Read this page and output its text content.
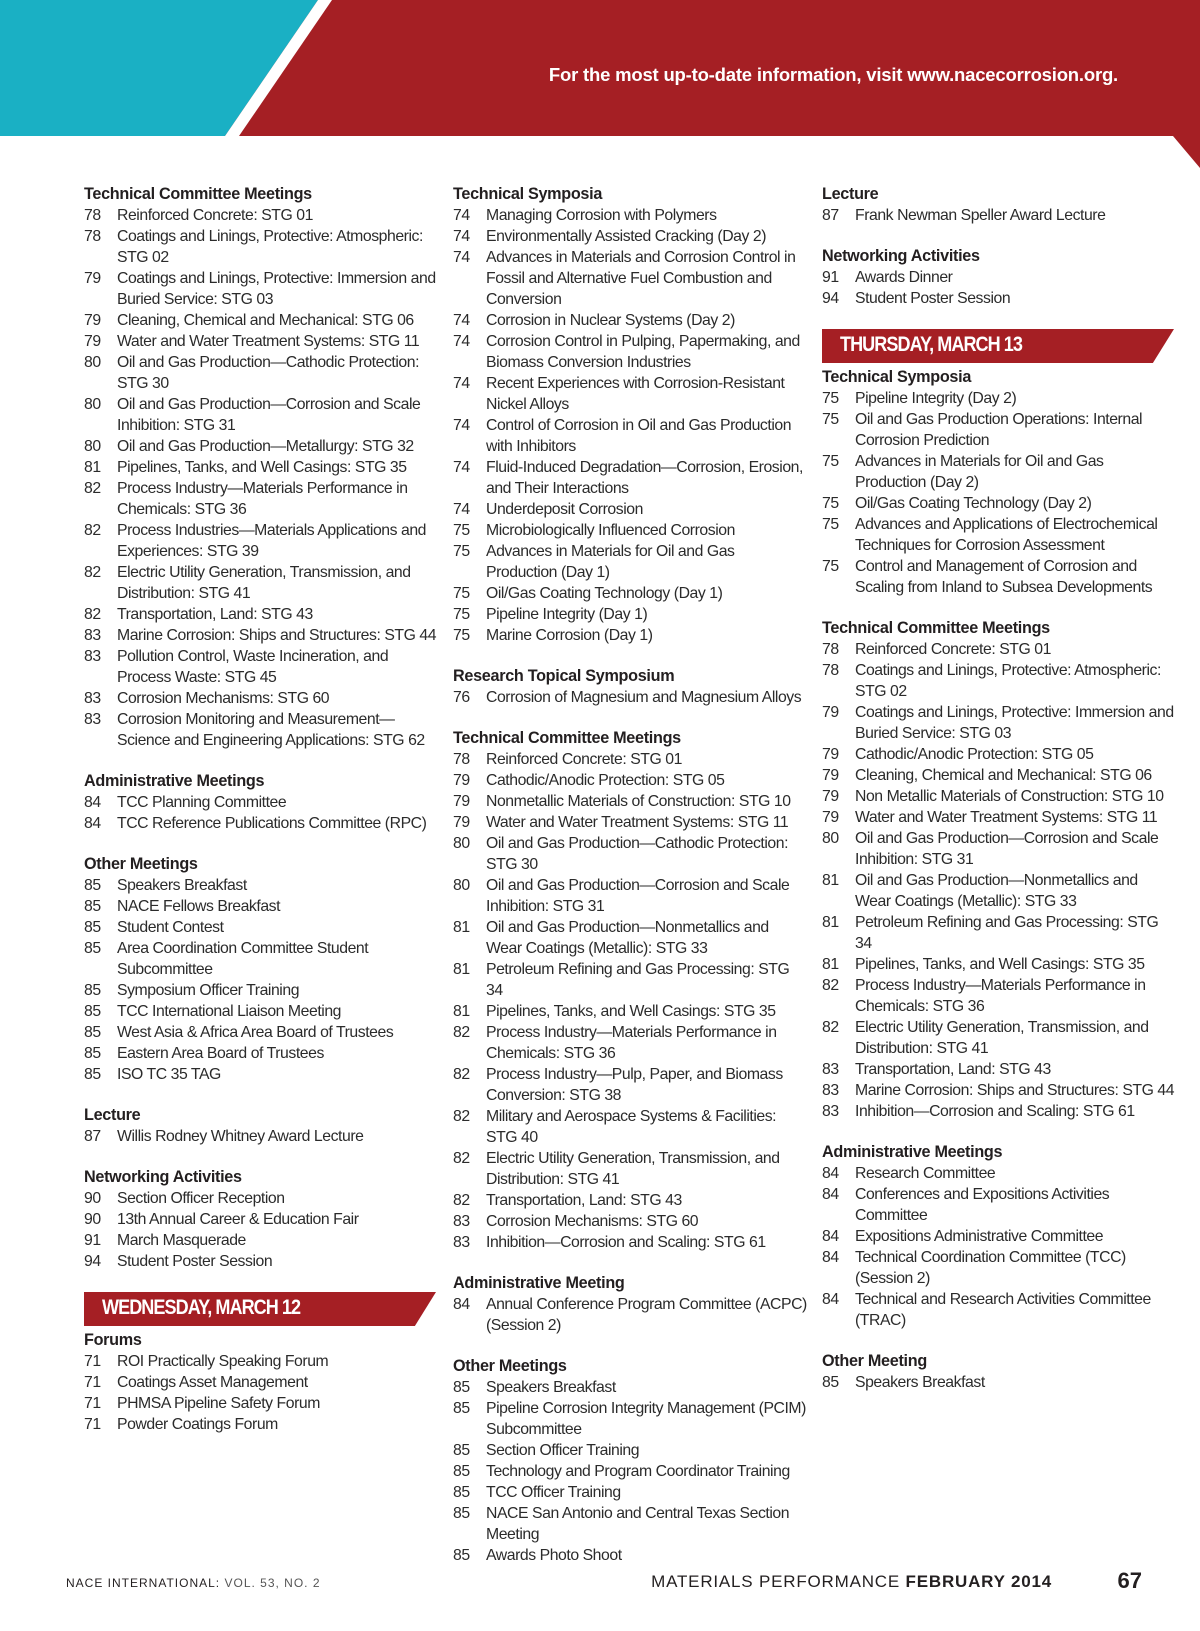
For the most up-to-date information, visit www.nacecorrosion.org.
Technical Committee Meetings
78	Reinforced Concrete: STG 01
78	Coatings and Linings, Protective: Atmospheric: STG 02
79	Coatings and Linings, Protective: Immersion and Buried Service: STG 03
79	Cleaning, Chemical and Mechanical: STG 06
79	Water and Water Treatment Systems: STG 11
80	Oil and Gas Production—Cathodic Protection: STG 30
80	Oil and Gas Production—Corrosion and Scale Inhibition: STG 31
80	Oil and Gas Production—Metallurgy: STG 32
81	Pipelines, Tanks, and Well Casings: STG 35
82	Process Industry—Materials Performance in Chemicals: STG 36
82	Process Industries—Materials Applications and Experiences: STG 39
82	Electric Utility Generation, Transmission, and Distribution: STG 41
82	Transportation, Land: STG 43
83	Marine Corrosion: Ships and Structures: STG 44
83	Pollution Control, Waste Incineration, and Process Waste: STG 45
83	Corrosion Mechanisms: STG 60
83	Corrosion Monitoring and Measurement—Science and Engineering Applications: STG 62
Administrative Meetings
84	TCC Planning Committee
84	TCC Reference Publications Committee (RPC)
Other Meetings
85	Speakers Breakfast
85	NACE Fellows Breakfast
85	Student Contest
85	Area Coordination Committee Student Subcommittee
85	Symposium Officer Training
85	TCC International Liaison Meeting
85	West Asia & Africa Area Board of Trustees
85	Eastern Area Board of Trustees
85	ISO TC 35 TAG
Lecture
87	Willis Rodney Whitney Award Lecture
Networking Activities
90	Section Officer Reception
90	13th Annual Career & Education Fair
91	March Masquerade
94	Student Poster Session
WEDNESDAY, MARCH 12
Forums
71	ROI Practically Speaking Forum
71	Coatings Asset Management
71	PHMSA Pipeline Safety Forum
71	Powder Coatings Forum
Technical Symposia
74	Managing Corrosion with Polymers
74	Environmentally Assisted Cracking (Day 2)
74	Advances in Materials and Corrosion Control in Fossil and Alternative Fuel Combustion and Conversion
74	Corrosion in Nuclear Systems (Day 2)
74	Corrosion Control in Pulping, Papermaking, and Biomass Conversion Industries
74	Recent Experiences with Corrosion-Resistant Nickel Alloys
74	Control of Corrosion in Oil and Gas Production with Inhibitors
74	Fluid-Induced Degradation—Corrosion, Erosion, and Their Interactions
74	Underdeposit Corrosion
75	Microbiologically Influenced Corrosion
75	Advances in Materials for Oil and Gas Production (Day 1)
75	Oil/Gas Coating Technology (Day 1)
75	Pipeline Integrity (Day 1)
75	Marine Corrosion (Day 1)
Research Topical Symposium
76	Corrosion of Magnesium and Magnesium Alloys
Technical Committee Meetings
78	Reinforced Concrete: STG 01
79	Cathodic/Anodic Protection: STG 05
79	Nonmetallic Materials of Construction: STG 10
79	Water and Water Treatment Systems: STG 11
80	Oil and Gas Production—Cathodic Protection: STG 30
80	Oil and Gas Production—Corrosion and Scale Inhibition: STG 31
81	Oil and Gas Production—Nonmetallics and Wear Coatings (Metallic): STG 33
81	Petroleum Refining and Gas Processing: STG 34
81	Pipelines, Tanks, and Well Casings: STG 35
82	Process Industry—Materials Performance in Chemicals: STG 36
82	Process Industry—Pulp, Paper, and Biomass Conversion: STG 38
82	Military and Aerospace Systems & Facilities: STG 40
82	Electric Utility Generation, Transmission, and Distribution: STG 41
82	Transportation, Land: STG 43
83	Corrosion Mechanisms: STG 60
83	Inhibition—Corrosion and Scaling: STG 61
Administrative Meeting
84	Annual Conference Program Committee (ACPC) (Session 2)
Other Meetings
85	Speakers Breakfast
85	Pipeline Corrosion Integrity Management (PCIM) Subcommittee
85	Section Officer Training
85	Technology and Program Coordinator Training
85	TCC Officer Training
85	NACE San Antonio and Central Texas Section Meeting
85	Awards Photo Shoot
Lecture
87	Frank Newman Speller Award Lecture
Networking Activities
91	Awards Dinner
94	Student Poster Session
THURSDAY, MARCH 13
Technical Symposia
75	Pipeline Integrity (Day 2)
75	Oil and Gas Production Operations: Internal Corrosion Prediction
75	Advances in Materials for Oil and Gas Production (Day 2)
75	Oil/Gas Coating Technology (Day 2)
75	Advances and Applications of Electrochemical Techniques for Corrosion Assessment
75	Control and Management of Corrosion and Scaling from Inland to Subsea Developments
Technical Committee Meetings
78	Reinforced Concrete: STG 01
78	Coatings and Linings, Protective: Atmospheric: STG 02
79	Coatings and Linings, Protective: Immersion and Buried Service: STG 03
79	Cathodic/Anodic Protection: STG 05
79	Cleaning, Chemical and Mechanical: STG 06
79	Non Metallic Materials of Construction: STG 10
79	Water and Water Treatment Systems: STG 11
80	Oil and Gas Production—Corrosion and Scale Inhibition: STG 31
81	Oil and Gas Production—Nonmetallics and Wear Coatings (Metallic): STG 33
81	Petroleum Refining and Gas Processing: STG 34
81	Pipelines, Tanks, and Well Casings: STG 35
82	Process Industry—Materials Performance in Chemicals: STG 36
82	Electric Utility Generation, Transmission, and Distribution: STG 41
83	Transportation, Land: STG 43
83	Marine Corrosion: Ships and Structures: STG 44
83	Inhibition—Corrosion and Scaling: STG 61
Administrative Meetings
84	Research Committee
84	Conferences and Expositions Activities Committee
84	Expositions Administrative Committee
84	Technical Coordination Committee (TCC) (Session 2)
84	Technical and Research Activities Committee (TRAC)
Other Meeting
85	Speakers Breakfast
NACE INTERNATIONAL: VOL. 53, NO. 2	MATERIALS PERFORMANCE FEBRUARY 2014	67
